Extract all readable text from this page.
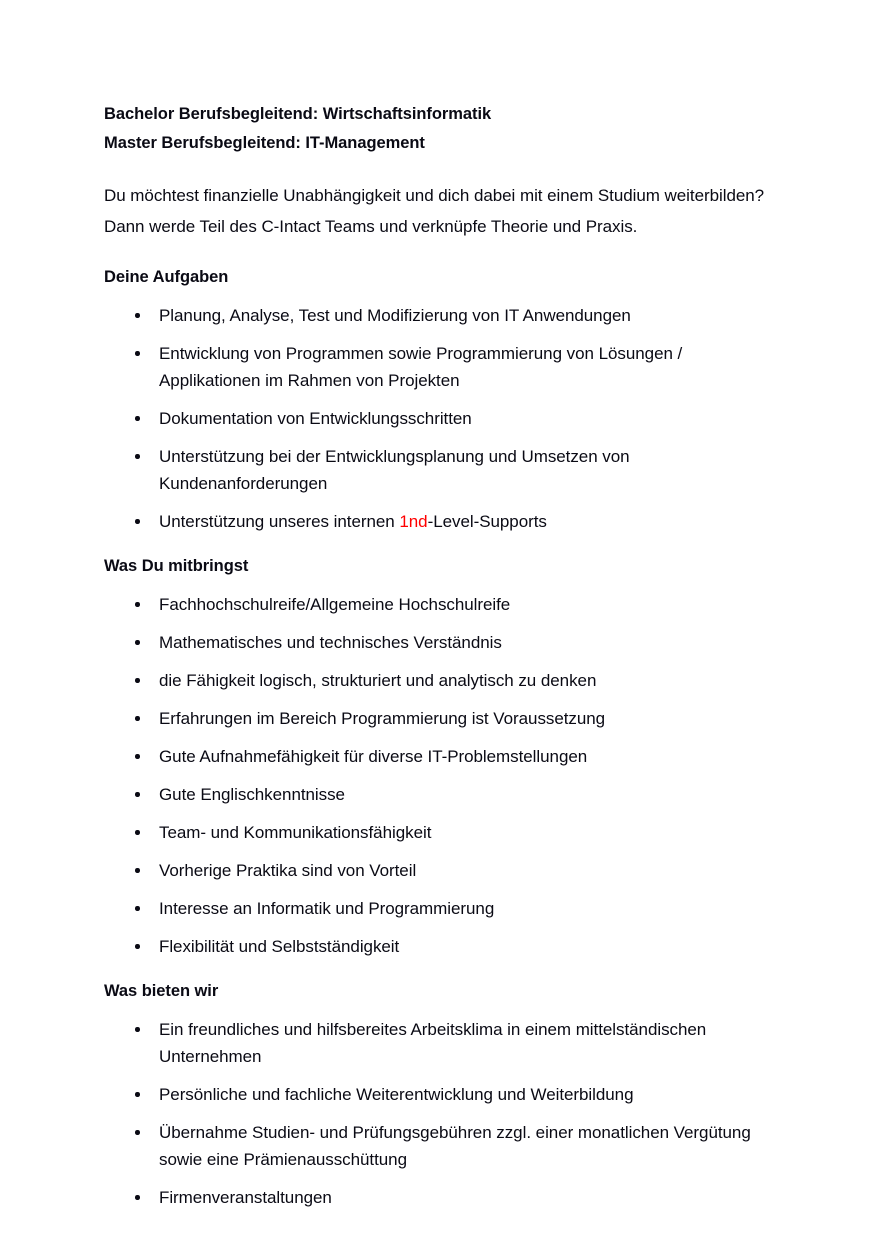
Bachelor Berufsbegleitend: Wirtschaftsinformatik
Master Berufsbegleitend: IT-Management

Du möchtest finanzielle Unabhängigkeit und dich dabei mit einem Studium weiterbilden? Dann werde Teil des C-Intact Teams und verknüpfe Theorie und Praxis.

Deine Aufgaben
Planung, Analyse, Test und Modifizierung von IT Anwendungen
Entwicklung von Programmen sowie Programmierung von Lösungen / Applikationen im Rahmen von Projekten
Dokumentation von Entwicklungsschritten
Unterstützung bei der Entwicklungsplanung und Umsetzen von Kundenanforderungen
Unterstützung unseres internen 1nd-Level-Supports
Was Du mitbringst
Fachhochschulreife/Allgemeine Hochschulreife
Mathematisches und technisches Verständnis
die Fähigkeit logisch, strukturiert und analytisch zu denken
Erfahrungen im Bereich Programmierung ist Voraussetzung
Gute Aufnahmefähigkeit für diverse IT-Problemstellungen
Gute Englischkenntnisse
Team- und Kommunikationsfähigkeit
Vorherige Praktika sind von Vorteil
Interesse an Informatik und Programmierung
Flexibilität und Selbstständigkeit
Was bieten wir
Ein freundliches und hilfsbereites Arbeitsklima in einem mittelständischen Unternehmen
Persönliche und fachliche Weiterentwicklung und Weiterbildung
Übernahme Studien- und Prüfungsgebühren zzgl. einer monatlichen Vergütung sowie eine Prämienausschüttung
Firmenveranstaltungen
